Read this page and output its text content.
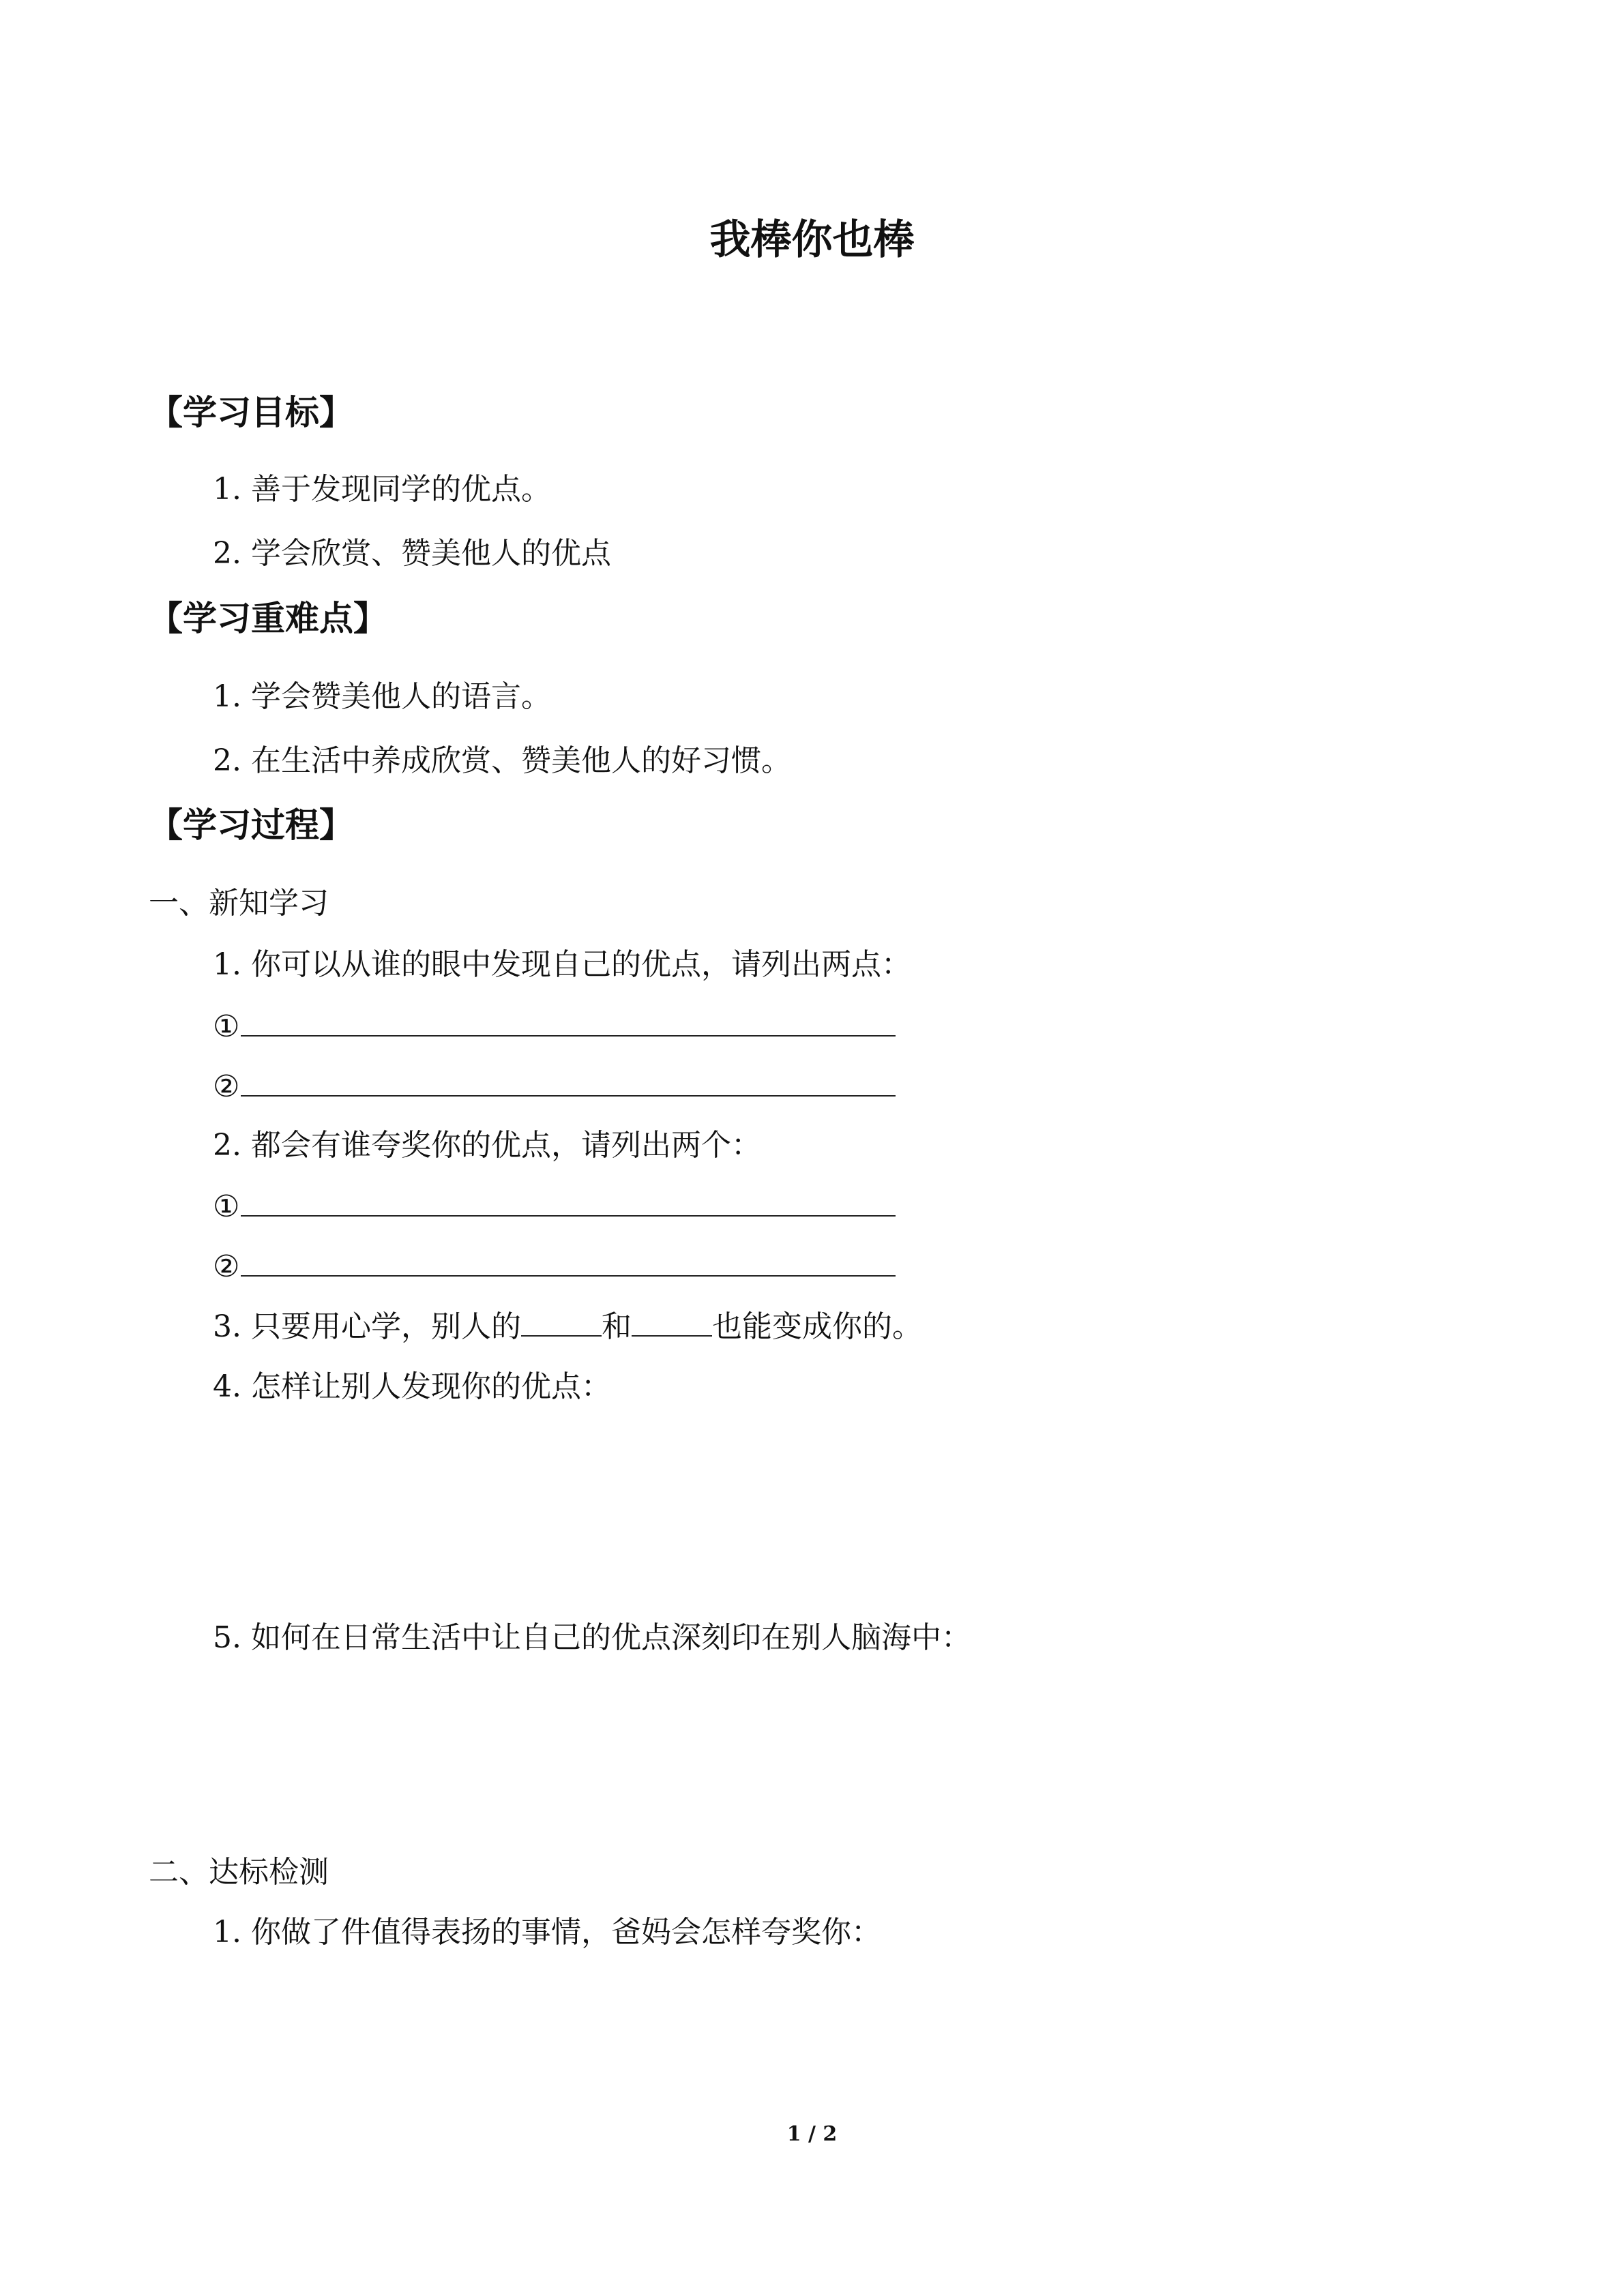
我棒你也棒
【学习目标】
1. 善于发现同学的优点。
2. 学会欣赏、赞美他人的优点
【学习重难点】
1. 学会赞美他人的语言。
2. 在生活中养成欣赏、赞美他人的好习惯。
【学习过程】
一、新知学习
1. 你可以从谁的眼中发现自己的优点，请列出两点：
①
②
2. 都会有谁夸奖你的优点，请列出两个：
①
②
3. 只要用心学，别人的	和	也能变成你的。
4. 怎样让别人发现你的优点：
5. 如何在日常生活中让自己的优点深刻印在别人脑海中：
二、达标检测
1. 你做了件值得表扬的事情，爸妈会怎样夸奖你：
1 / 2
